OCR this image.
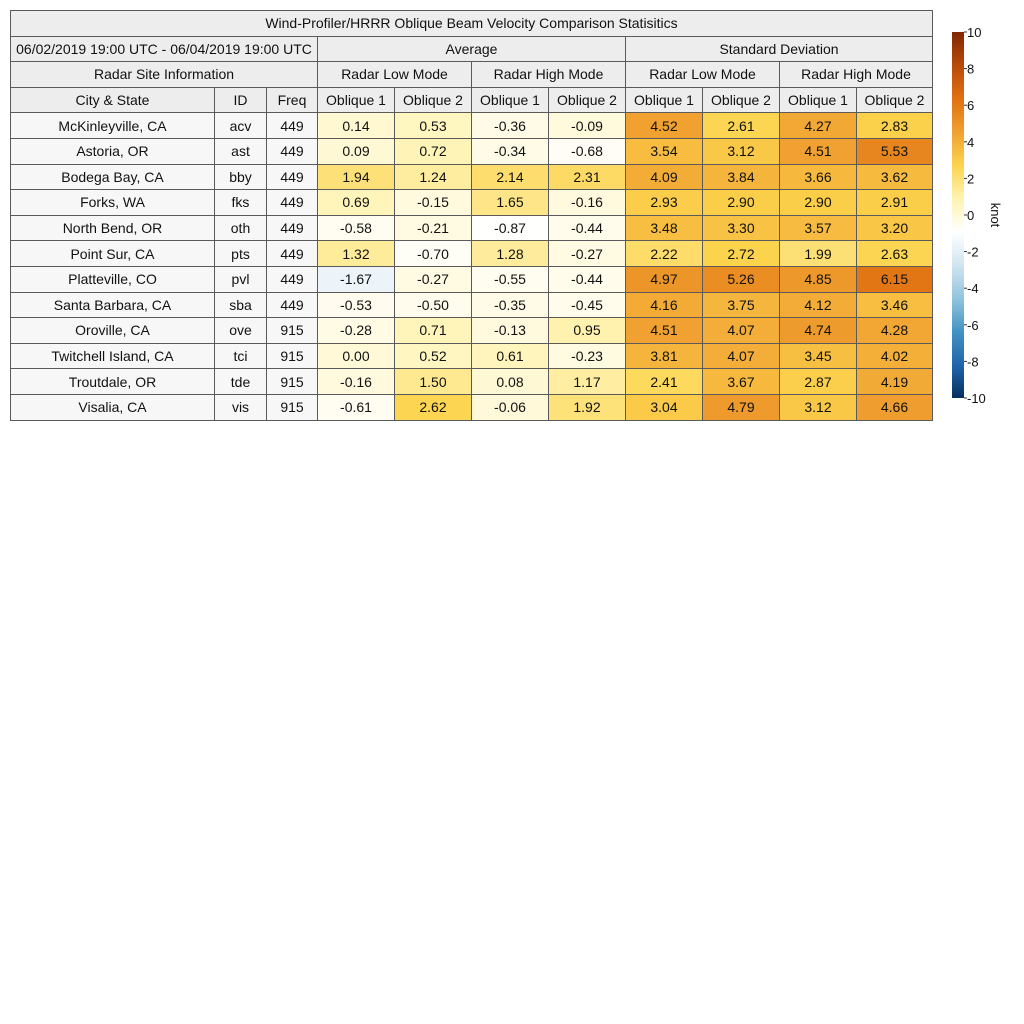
Wind-Profiler/HRRR Oblique Beam Velocity Comparison Statisitics										
06/02/2019 19:00 UTC - 06/04/2019 19:00 UTC			Average				Standard Deviation			
Radar Site Information			Radar Low Mode		Radar High Mode		Radar Low Mode		Radar High Mode	
City & State	ID	Freq	Oblique 1	Oblique 2	Oblique 1	Oblique 2	Oblique 1	Oblique 2	Oblique 1	Oblique 2
McKinleyville, CA	acv	449	0.14	0.53	-0.36	-0.09	4.52	2.61	4.27	2.83
Astoria, OR	ast	449	0.09	0.72	-0.34	-0.68	3.54	3.12	4.51	5.53
Bodega Bay, CA	bby	449	1.94	1.24	2.14	2.31	4.09	3.84	3.66	3.62
Forks, WA	fks	449	0.69	-0.15	1.65	-0.16	2.93	2.90	2.90	2.91
North Bend, OR	oth	449	-0.58	-0.21	-0.87	-0.44	3.48	3.30	3.57	3.20
Point Sur, CA	pts	449	1.32	-0.70	1.28	-0.27	2.22	2.72	1.99	2.63
Platteville, CO	pvl	449	-1.67	-0.27	-0.55	-0.44	4.97	5.26	4.85	6.15
Santa Barbara, CA	sba	449	-0.53	-0.50	-0.35	-0.45	4.16	3.75	4.12	3.46
Oroville, CA	ove	915	-0.28	0.71	-0.13	0.95	4.51	4.07	4.74	4.28
Twitchell Island, CA	tci	915	0.00	0.52	0.61	-0.23	3.81	4.07	3.45	4.02
Troutdale, OR	tde	915	-0.16	1.50	0.08	1.17	2.41	3.67	2.87	4.19
Visalia, CA	vis	915	-0.61	2.62	-0.06	1.92	3.04	4.79	3.12	4.66
10
8
6
4
2
0
-2
-4
-6
-8
-10
knot
